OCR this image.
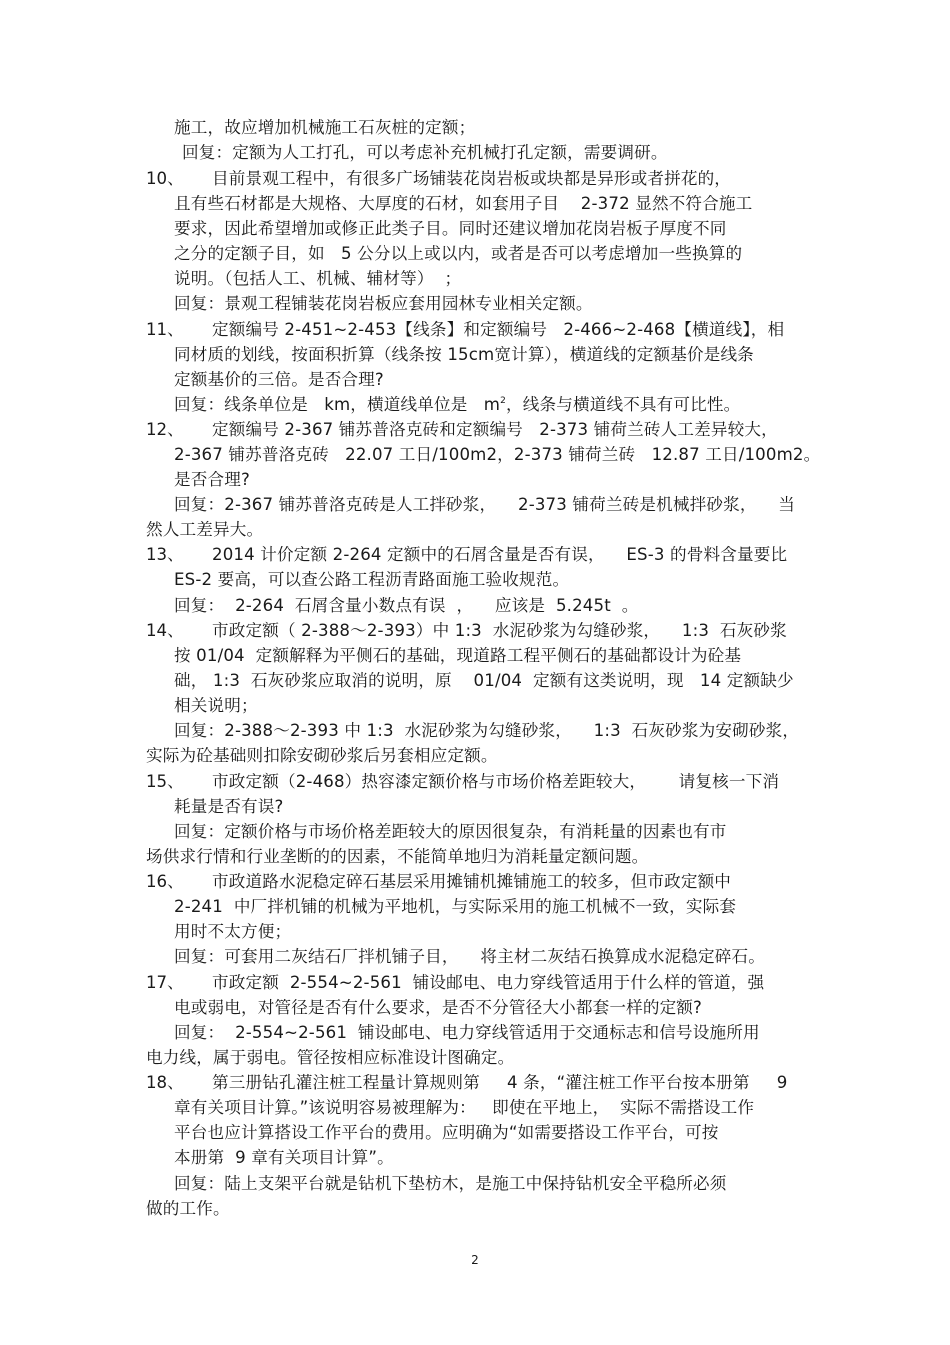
施工，故应增加机械施工石灰桩的定额；

回复：定额为人工打孔，可以考虑补充机械打孔定额，需要调研。

10、 目前景观工程中，有很多广场铺装花岗岩板或块都是异形或者拼花的，

且有些石材都是大规格、大厚度的石材，如套用子目    2-372 显然不符合施工

要求，因此希望增加或修正此类子目。同时还建议增加花岗岩板子厚度不同

之分的定额子目，如   5 公分以上或以内，或者是否可以考虑增加一些换算的

说明。（包括人工、机械、辅材等）  ；

回复：景观工程铺装花岗岩板应套用园林专业相关定额。

11、 定额编号 2-451~2-453【线条】和定额编号   2-466~2-468【横道线】，相

同材质的划线，按面积折算（线条按 15cm宽计算），横道线的定额基价是线条

定额基价的三倍。是否合理?

回复：线条单位是   km，横道线单位是   $m^2$，线条与横道线不具有可比性。

12、 定额编号 2-367 铺苏普洛克砖和定额编号   2-373 铺荷兰砖人工差异较大，

2-367 铺苏普洛克砖   22.07 工日/100m2，2-373 铺荷兰砖   12.87 工日/100m2。

是否合理?

回复：2-367 铺苏普洛克砖是人工拌砂浆，    2-373 铺荷兰砖是机械拌砂浆，    当

然人工差异大。

13、 2014 计价定额 2-264 定额中的石屑含量是否有误，    ES-3 的骨料含量要比

ES-2 要高，可以查公路工程沥青路面施工验收规范。

回复：  2-264  石屑含量小数点有误  ，    应该是  5.245t  。

14、 市政定额（ 2-388～2-393）中 1:3  水泥砂浆为勾缝砂浆，    1:3  石灰砂浆

按 01/04  定额解释为平侧石的基础，现道路工程平侧石的基础都设计为砼基

础， 1:3  石灰砂浆应取消的说明，原    01/04  定额有这类说明，现   14 定额缺少

相关说明；

回复：2-388～2-393 中 1:3  水泥砂浆为勾缝砂浆，    1:3  石灰砂浆为安砌砂浆，

实际为砼基础则扣除安砌砂浆后另套相应定额。

15、 市政定额（2-468）热容漆定额价格与市场价格差距较大，      请复核一下消

耗量是否有误?

回复：定额价格与市场价格差距较大的原因很复杂，有消耗量的因素也有市

场供求行情和行业垄断的的因素，不能简单地归为消耗量定额问题。

16、 市政道路水泥稳定碎石基层采用摊铺机摊铺施工的较多，但市政定额中

2-241  中厂拌机铺的机械为平地机，与实际采用的施工机械不一致，实际套

用时不太方便；

回复：可套用二灰结石厂拌机铺子目，    将主材二灰结石换算成水泥稳定碎石。

17、 市政定额  2-554~2-561  铺设邮电、电力穿线管适用于什么样的管道，强

电或弱电，对管径是否有什么要求，是否不分管径大小都套一样的定额?

回复：  2-554~2-561  铺设邮电、电力穿线管适用于交通标志和信号设施所用

电力线，属于弱电。管径按相应标准设计图确定。

18、 第三册钻孔灌注桩工程量计算规则第     4 条，“灌注桩工作平台按本册第     9

章有关项目计算。”该说明容易被理解为：   即使在平地上，  实际不需搭设工作

平台也应计算搭设工作平台的费用。应明确为“如需要搭设工作平台，可按

本册第  9 章有关项目计算”。

回复：陆上支架平台就是钻机下垫枋木，是施工中保持钻机安全平稳所必须

做的工作。

2
